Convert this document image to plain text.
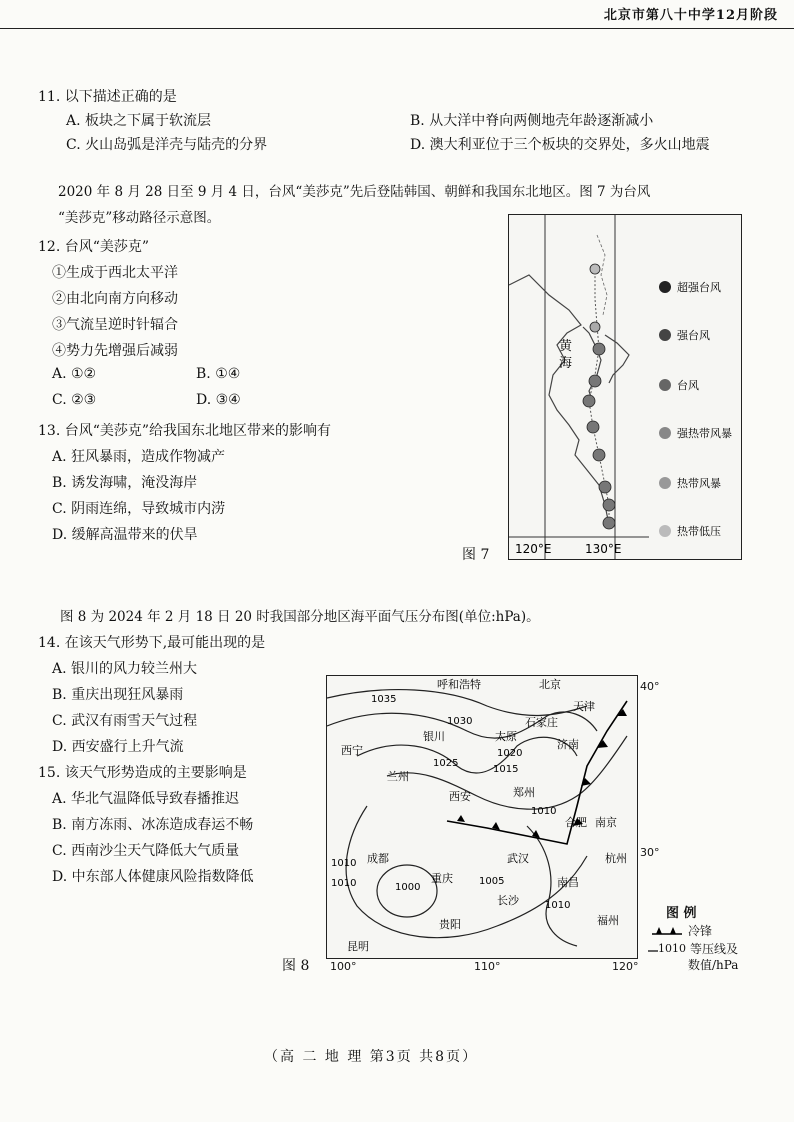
北京市第八十中学12月阶段
11. 以下描述正确的是
A. 板块之下属于软流层	B. 从大洋中脊向两侧地壳年龄逐渐减小
C. 火山岛弧是洋壳与陆壳的分界	D. 澳大利亚位于三个板块的交界处，多火山地震
2020 年 8 月 28 日至 9 月 4 日，台风“美莎克”先后登陆韩国、朝鲜和我国东北地区。图 7 为台风
“美莎克”移动路径示意图。
12. 台风“美莎克”
①生成于西北太平洋
②由北向南方向移动
③气流呈逆时针辐合
④势力先增强后减弱
A. ①②	B. ①④
C. ②③	D. ③④
13. 台风“美莎克”给我国东北地区带来的影响有
A. 狂风暴雨，造成作物减产
B. 诱发海啸，淹没海岸
C. 阴雨连绵，导致城市内涝
D. 缓解高温带来的伏旱
图 7
黄
海
120°E	130°E
超强台风
强台风
台风
强热带风暴
热带风暴
热带低压
图 8 为 2024 年 2 月 18 日 20 时我国部分地区海平面气压分布图(单位:hPa)。
14. 在该天气形势下,最可能出现的是
A. 银川的风力较兰州大
B. 重庆出现狂风暴雨
C. 武汉有雨雪天气过程
D. 西安盛行上升气流
15. 该天气形势造成的主要影响是
A. 华北气温降低导致春播推迟
B. 南方冻雨、冰冻造成春运不畅
C. 西南沙尘天气降低大气质量
D. 中东部人体健康风险指数降低
图 8
1035
1030
1025
1020
1015
1010
1010
1000
1005
1010
1010
呼和浩特	北京
天津
石家庄
银川	太原
济南
西宁
兰州
西安	郑州
合肥 南京
成都	武汉	杭州
重庆
长沙
南昌
贵阳	福州
昆明
40°
30°
100°	110°	120°
图 例
冷锋
1010 等压线及
数值/hPa
（高 二 地 理 第3页 共8页）
